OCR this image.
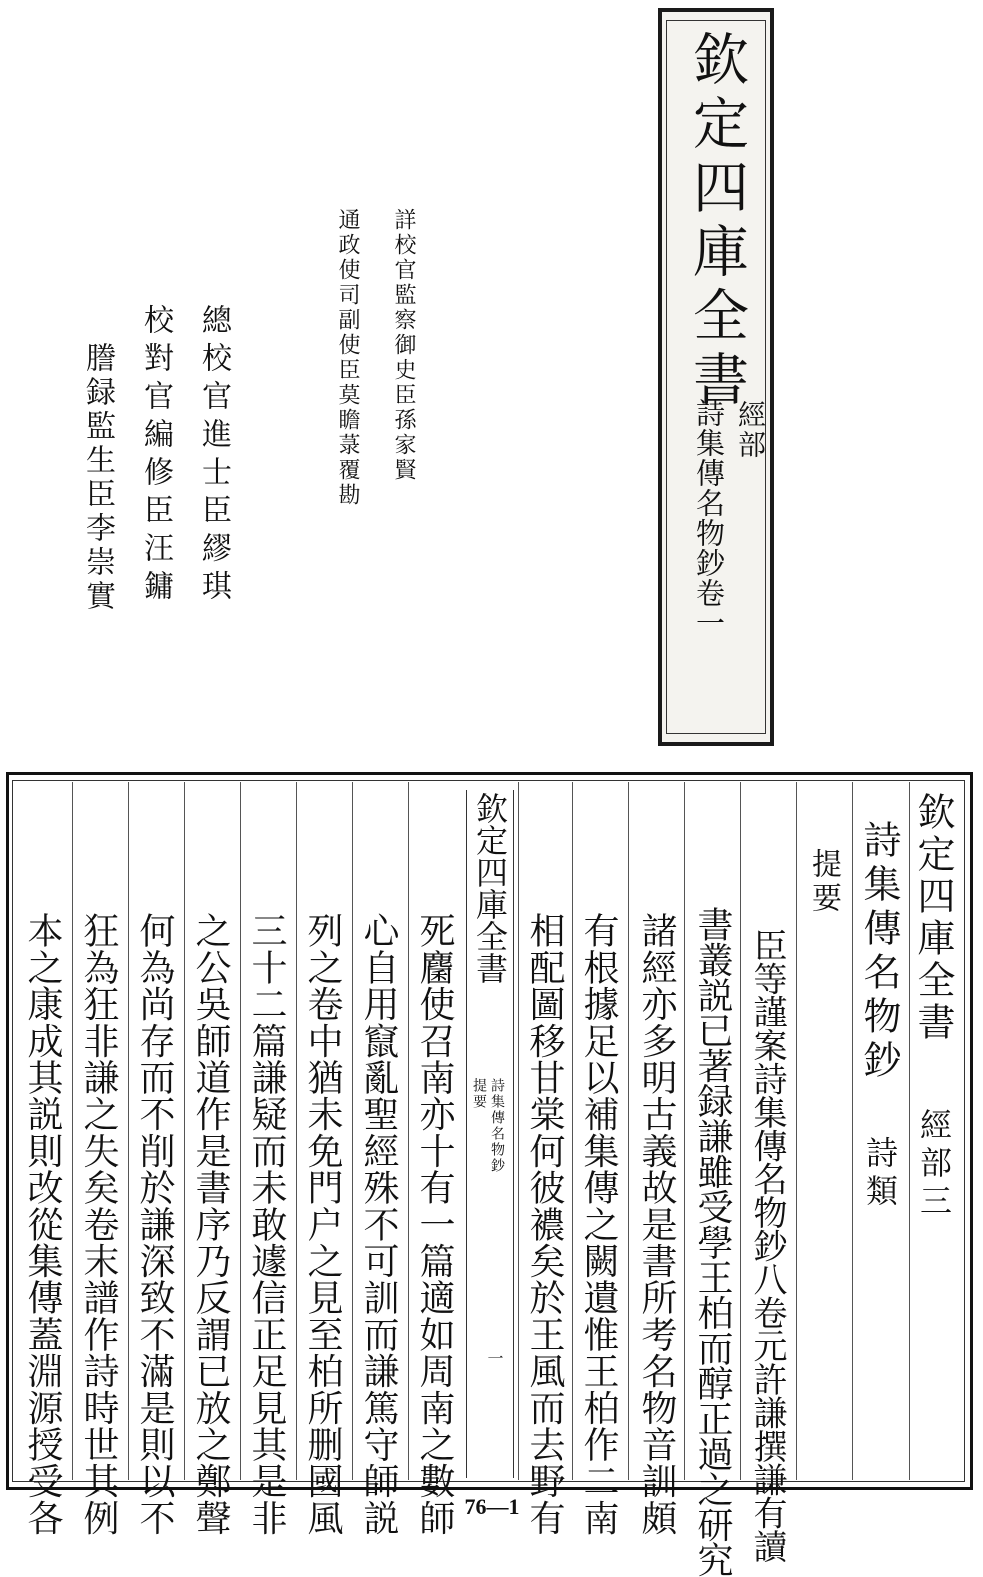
欽定四庫全書
經部
詩集傳名物鈔卷一
詳校官監察御史臣孫家賢
通政使司副使臣莫瞻菉覆勘
總校官進士臣繆琪
校對官編修臣汪鏞
謄録監生臣李崇實
欽定四庫全書
經部三
詩集傳名物鈔
詩類
提要
欽定四庫全書
詩集傳名物鈔
提要
一	臣等謹案詩集傳名物鈔八卷元許謙撰謙有讀
書叢説已著録謙雖受學王柏而醇正過之研究
諸經亦多明古義故是書所考名物音訓頗
有根據足以補集傳之闕遺惟王柏作二南
相配圖移甘棠何彼襛矣於王風而去野有
死麕使召南亦十有一篇適如周南之數師
心自用竄亂聖經殊不可訓而謙篤守師説
列之卷中猶未免門户之見至柏所删國風
三十二篇謙疑而未敢遽信正足見其是非
之公吳師道作是書序乃反謂已放之鄭聲
何為尚存而不削於謙深致不滿是則以不
狂為狂非謙之失矣卷末譜作詩時世其例
本之康成其説則改從集傳蓋淵源授受各	76—1
